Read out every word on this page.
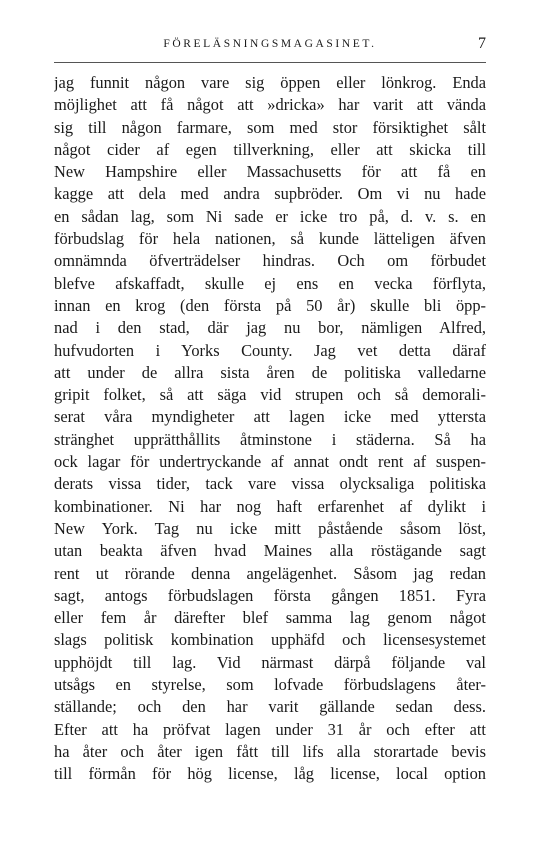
FÖRELÄSNINGSMAGASINET.	7
jag funnit någon vare sig öppen eller lönkrog. Enda
möjlighet att få något att »dricka» har varit att vända
sig till någon farmare, som med stor försiktighet sålt
något cider af egen tillverkning, eller att skicka till
New Hampshire eller Massachusetts för att få en
kagge att dela med andra supbröder. Om vi nu hade
en sådan lag, som Ni sade er icke tro på, d. v. s. en
förbudslag för hela nationen, så kunde lätteligen äfven
omnämnda öfverträdelser hindras. Och om förbudet
blefve afskaffadt, skulle ej ens en vecka förflyta,
innan en krog (den första på 50 år) skulle bli öpp-
nad i den stad, där jag nu bor, nämligen Alfred,
hufvudorten i Yorks County. Jag vet detta däraf
att under de allra sista åren de politiska valledarne
gripit folket, så att säga vid strupen och så demorali-
serat våra myndigheter att lagen icke med yttersta
stränghet upprätthållits åtminstone i städerna. Så ha
ock lagar för undertryckande af annat ondt rent af suspen-
derats vissa tider, tack vare vissa olycksaliga politiska
kombinationer. Ni har nog haft erfarenhet af dylikt i
New York. Tag nu icke mitt påstående såsom löst,
utan beakta äfven hvad Maines alla röstägande sagt
rent ut rörande denna angelägenhet. Såsom jag redan
sagt, antogs förbudslagen första gången 1851. Fyra
eller fem år därefter blef samma lag genom något
slags politisk kombination upphäfd och licensesystemet
upphöjdt till lag. Vid närmast därpå följande val
utsågs en styrelse, som lofvade förbudslagens åter-
ställande; och den har varit gällande sedan dess.
Efter att ha pröfvat lagen under 31 år och efter att
ha åter och åter igen fått till lifs alla storartade bevis
till förmån för hög license, låg license, local option
